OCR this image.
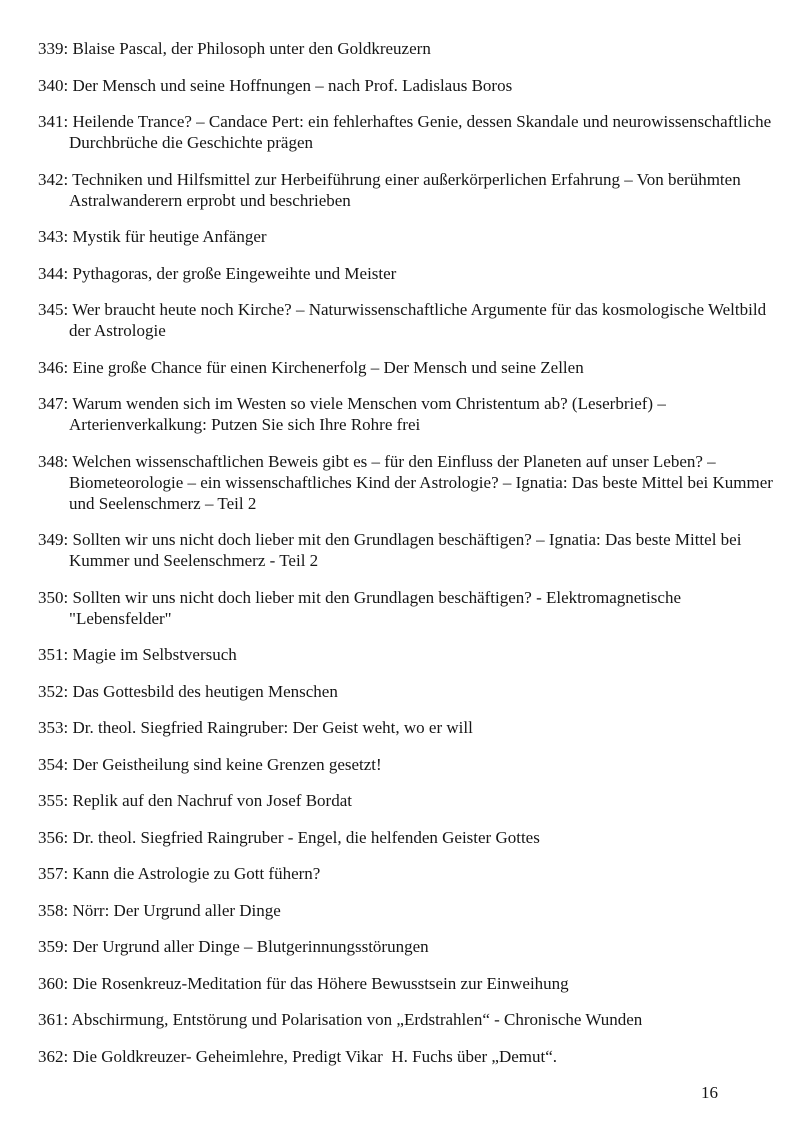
339: Blaise Pascal, der Philosoph unter den Goldkreuzern

340: Der Mensch und seine Hoffnungen – nach Prof. Ladislaus Boros

341: Heilende Trance? – Candace Pert: ein fehlerhaftes Genie, dessen Skandale und neurowissenschaftliche
Durchbrüche die Geschichte prägen

342: Techniken und Hilfsmittel zur Herbeiführung einer außerkörperlichen Erfahrung – Von berühmten
Astralwanderern erprobt und beschrieben

343: Mystik für heutige Anfänger

344: Pythagoras, der große Eingeweihte und Meister

345: Wer braucht heute noch Kirche? – Naturwissenschaftliche Argumente für das kosmologische Weltbild
der Astrologie

346: Eine große Chance für einen Kirchenerfolg – Der Mensch und seine Zellen

347: Warum wenden sich im Westen so viele Menschen vom Christentum ab? (Leserbrief) –
Arterienverkalkung: Putzen Sie sich Ihre Rohre frei

348: Welchen wissenschaftlichen Beweis gibt es – für den Einfluss der Planeten auf unser Leben? –
Biometeorologie – ein wissenschaftliches Kind der Astrologie? – Ignatia: Das beste Mittel bei Kummer
und Seelenschmerz – Teil 2

349: Sollten wir uns nicht doch lieber mit den Grundlagen beschäftigen? – Ignatia: Das beste Mittel bei
Kummer und Seelenschmerz - Teil 2

350: Sollten wir uns nicht doch lieber mit den Grundlagen beschäftigen? - Elektromagnetische "Lebensfelder"

351: Magie im Selbstversuch

352: Das Gottesbild des heutigen Menschen

353: Dr. theol. Siegfried Raingruber: Der Geist weht, wo er will

354: Der Geistheilung sind keine Grenzen gesetzt!

355: Replik auf den Nachruf von Josef Bordat

356: Dr. theol. Siegfried Raingruber - Engel, die helfenden Geister Gottes

357: Kann die Astrologie zu Gott fühern?

358: Nörr: Der Urgrund aller Dinge

359: Der Urgrund aller Dinge – Blutgerinnungsstörungen

360: Die Rosenkreuz-Meditation für das Höhere Bewusstsein zur Einweihung

361: Abschirmung, Entstörung und Polarisation von „Erdstrahlen“ - Chronische Wunden

362: Die Goldkreuzer- Geheimlehre, Predigt Vikar  H. Fuchs über „Demut“.

16
